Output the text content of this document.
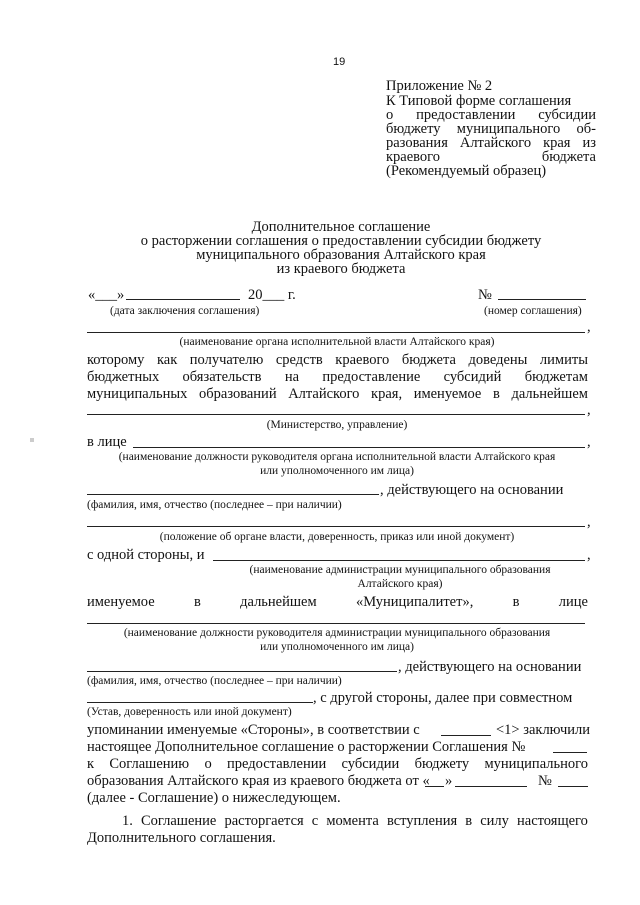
19
Приложение № 2
К Типовой форме соглашения
о предоставлении субсидии
бюджету муниципального об-
разования Алтайского края из
краевого	бюджета
(Рекомендуемый образец)
Дополнительное соглашение
о расторжении соглашения о предоставлении субсидии бюджету
муниципального образования Алтайского края
из краевого бюджета
«___»	20___ г.	№
(дата заключения соглашения)	(номер соглашения)
,
(наименование органа исполнительной власти Алтайского края)
которому как получателю средств краевого бюджета доведены лимиты
бюджетных обязательств на предоставление субсидий бюджетам
муниципальных образований Алтайского края, именуемое в дальнейшем
,
(Министерство, управление)
в лице	,
(наименование должности руководителя органа исполнительной власти Алтайского края
или уполномоченного им лица)
, действующего на основании
(фамилия, имя, отчество (последнее – при наличии)
,
(положение об органе власти, доверенность, приказ или иной документ)
с одной стороны, и	,
(наименование администрации муниципального образования
Алтайского края)
именуемое	в	дальнейшем	«Муниципалитет»,	в	лице
(наименование должности руководителя администрации муниципального образования
или уполномоченного им лица)
, действующего на основании
(фамилия, имя, отчество (последнее – при наличии)
, с другой стороны, далее при совместном
(Устав, доверенность или иной документ)
упоминании именуемые «Стороны», в соответствии с	<1> заключили
настоящее Дополнительное соглашение о расторжении Соглашения №
к Соглашению о предоставлении субсидии бюджету муниципального
образования Алтайского края из краевого бюджета от « »	№
(далее - Соглашение) о нижеследующем.
1. Соглашение расторгается с момента вступления в силу настоящего
Дополнительного соглашения.
